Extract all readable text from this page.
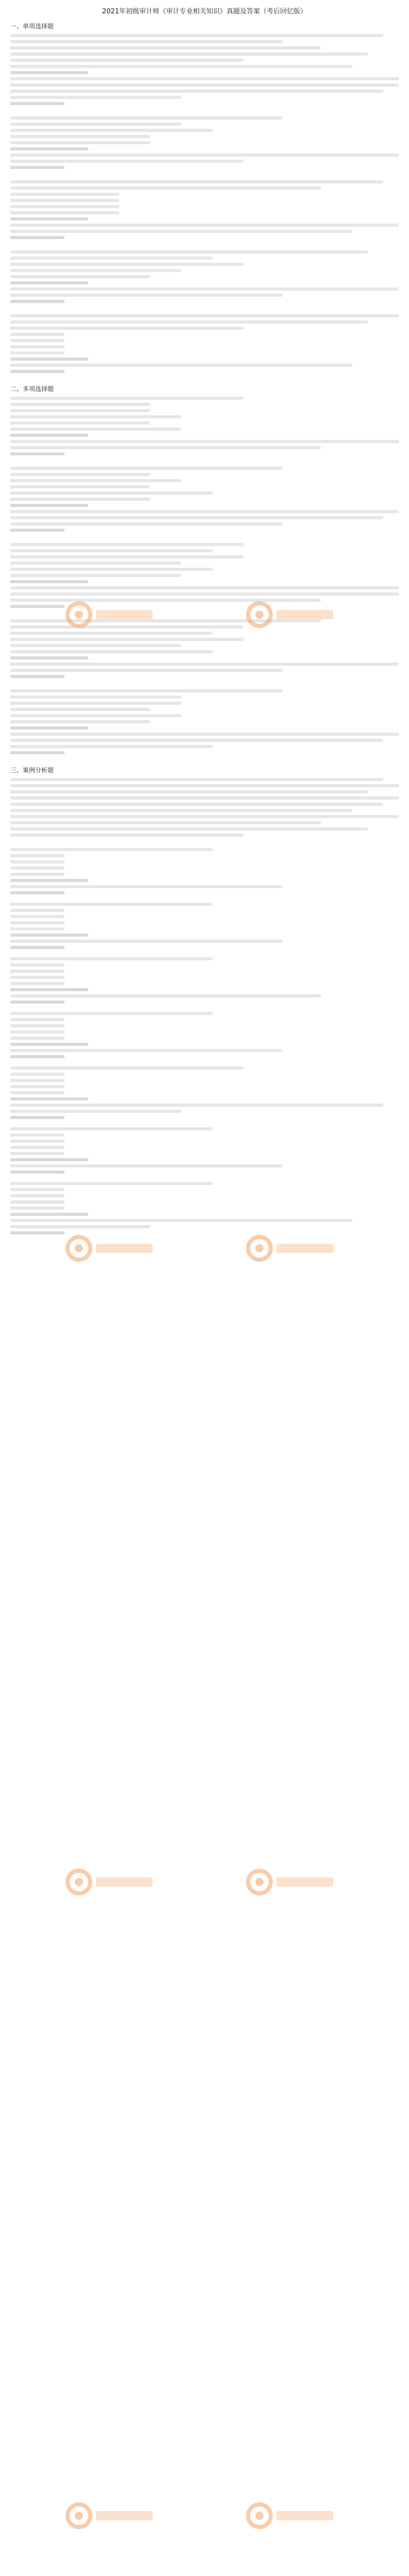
2021年初级审计师《审计专业相关知识》真题及答案（考后回忆版）
一、单项选择题
二、多项选择题
三、案例分析题
